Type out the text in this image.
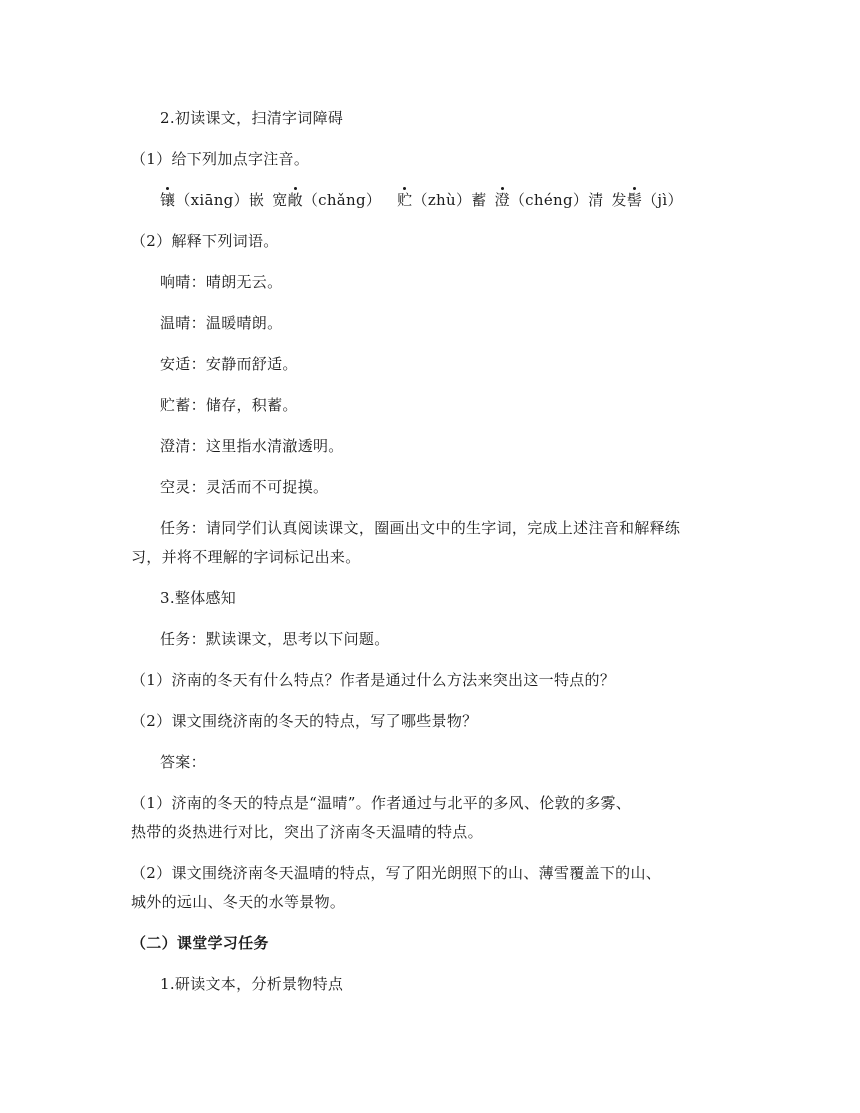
2.初读课文，扫清字词障碍
（1）给下列加点字注音。
镶（xiāng）嵌 宽敞（chǎng） 贮（zhù）蓄 澄（chéng）清 发髻（jì）
（2）解释下列词语。
响晴：晴朗无云。
温晴：温暖晴朗。
安适：安静而舒适。
贮蓄：储存，积蓄。
澄清：这里指水清澈透明。
空灵：灵活而不可捉摸。
任务：请同学们认真阅读课文，圈画出文中的生字词，完成上述注音和解释练
习，并将不理解的字词标记出来。
3.整体感知
任务：默读课文，思考以下问题。
（1）济南的冬天有什么特点？作者是通过什么方法来突出这一特点的？
（2）课文围绕济南的冬天的特点，写了哪些景物？
答案：
（1）济南的冬天的特点是“温晴”。作者通过与北平的多风、伦敦的多雾、
热带的炎热进行对比，突出了济南冬天温晴的特点。
（2）课文围绕济南冬天温晴的特点，写了阳光朗照下的山、薄雪覆盖下的山、
城外的远山、冬天的水等景物。
（二）课堂学习任务
1.研读文本，分析景物特点
